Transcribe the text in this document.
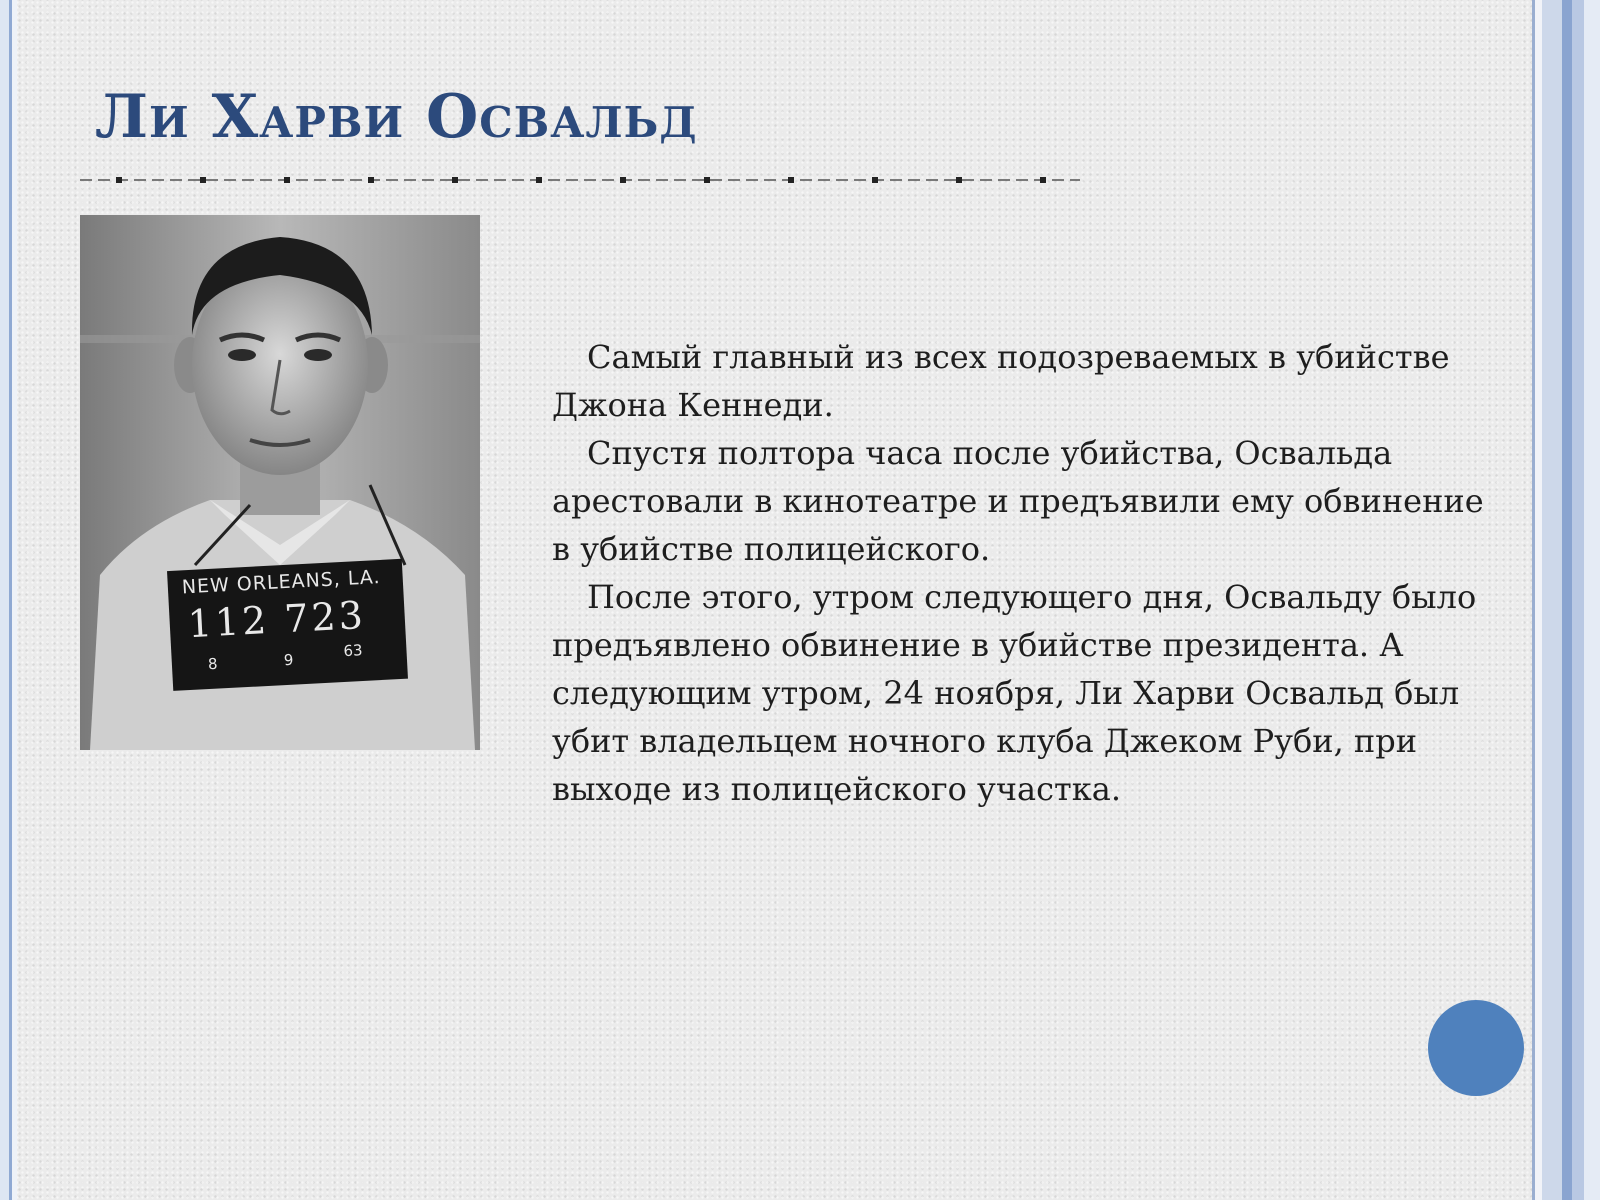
Ли Харви Освальд
NEW ORLEANS, LA.
112 723
8	9	63

Самый главный из всех подозреваемых в убийстве Джона Кеннеди.

Спустя полтора часа после убийства, Освальда арестовали в кинотеатре и предъявили ему обвинение в убийстве полицейского.

После этого, утром следующего дня, Освальду было предъявлено обвинение в убийстве президента. А следующим утром, 24 ноября, Ли Харви Освальд был убит владельцем ночного клуба Джеком Руби, при выходе из полицейского участка.
